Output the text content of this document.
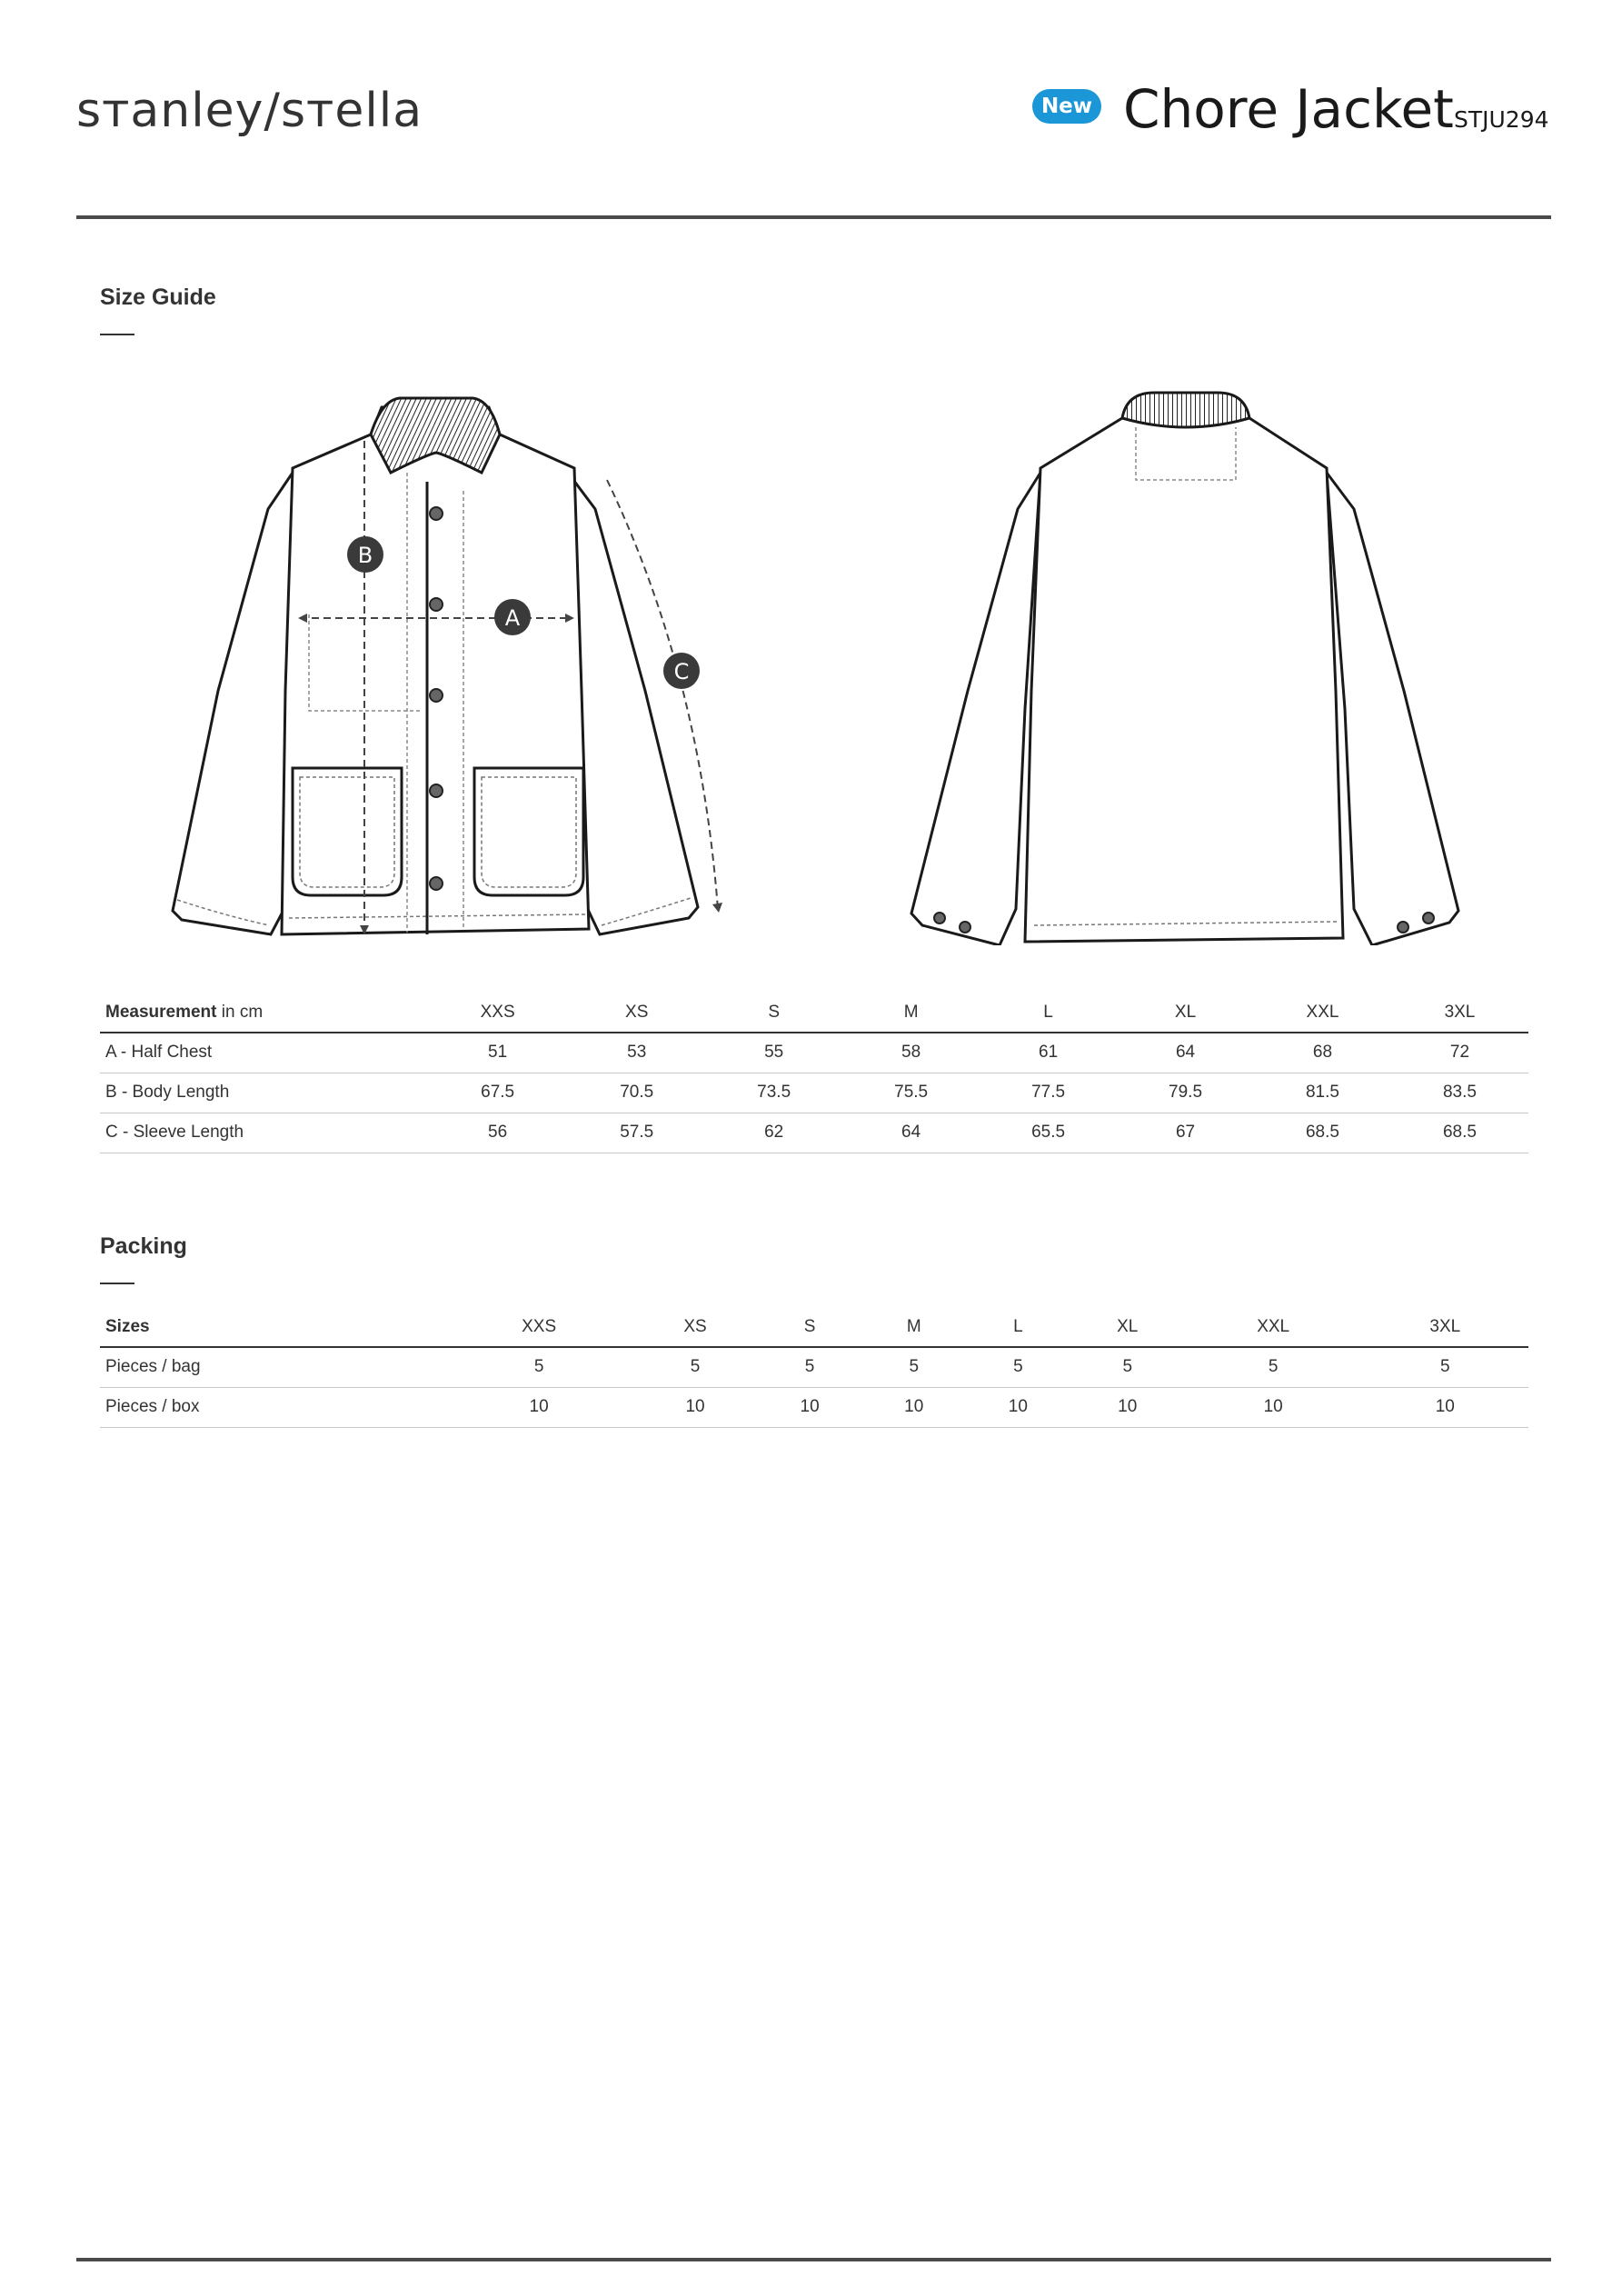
sᴛanley/sᴛella	New Chore Jacket STJU294
Size Guide
A
B
C
Measurement in cm	XXS	XS	S	M	L	XL	XXL	3XL
A - Half Chest	51	53	55	58	61	64	68	72
B - Body Length	67.5	70.5	73.5	75.5	77.5	79.5	81.5	83.5
C - Sleeve Length	56	57.5	62	64	65.5	67	68.5	68.5
Packing
Sizes	XXS	XS	S	M	L	XL	XXL	3XL
Pieces / bag	5	5	5	5	5	5	5	5
Pieces / box	10	10	10	10	10	10	10	10
